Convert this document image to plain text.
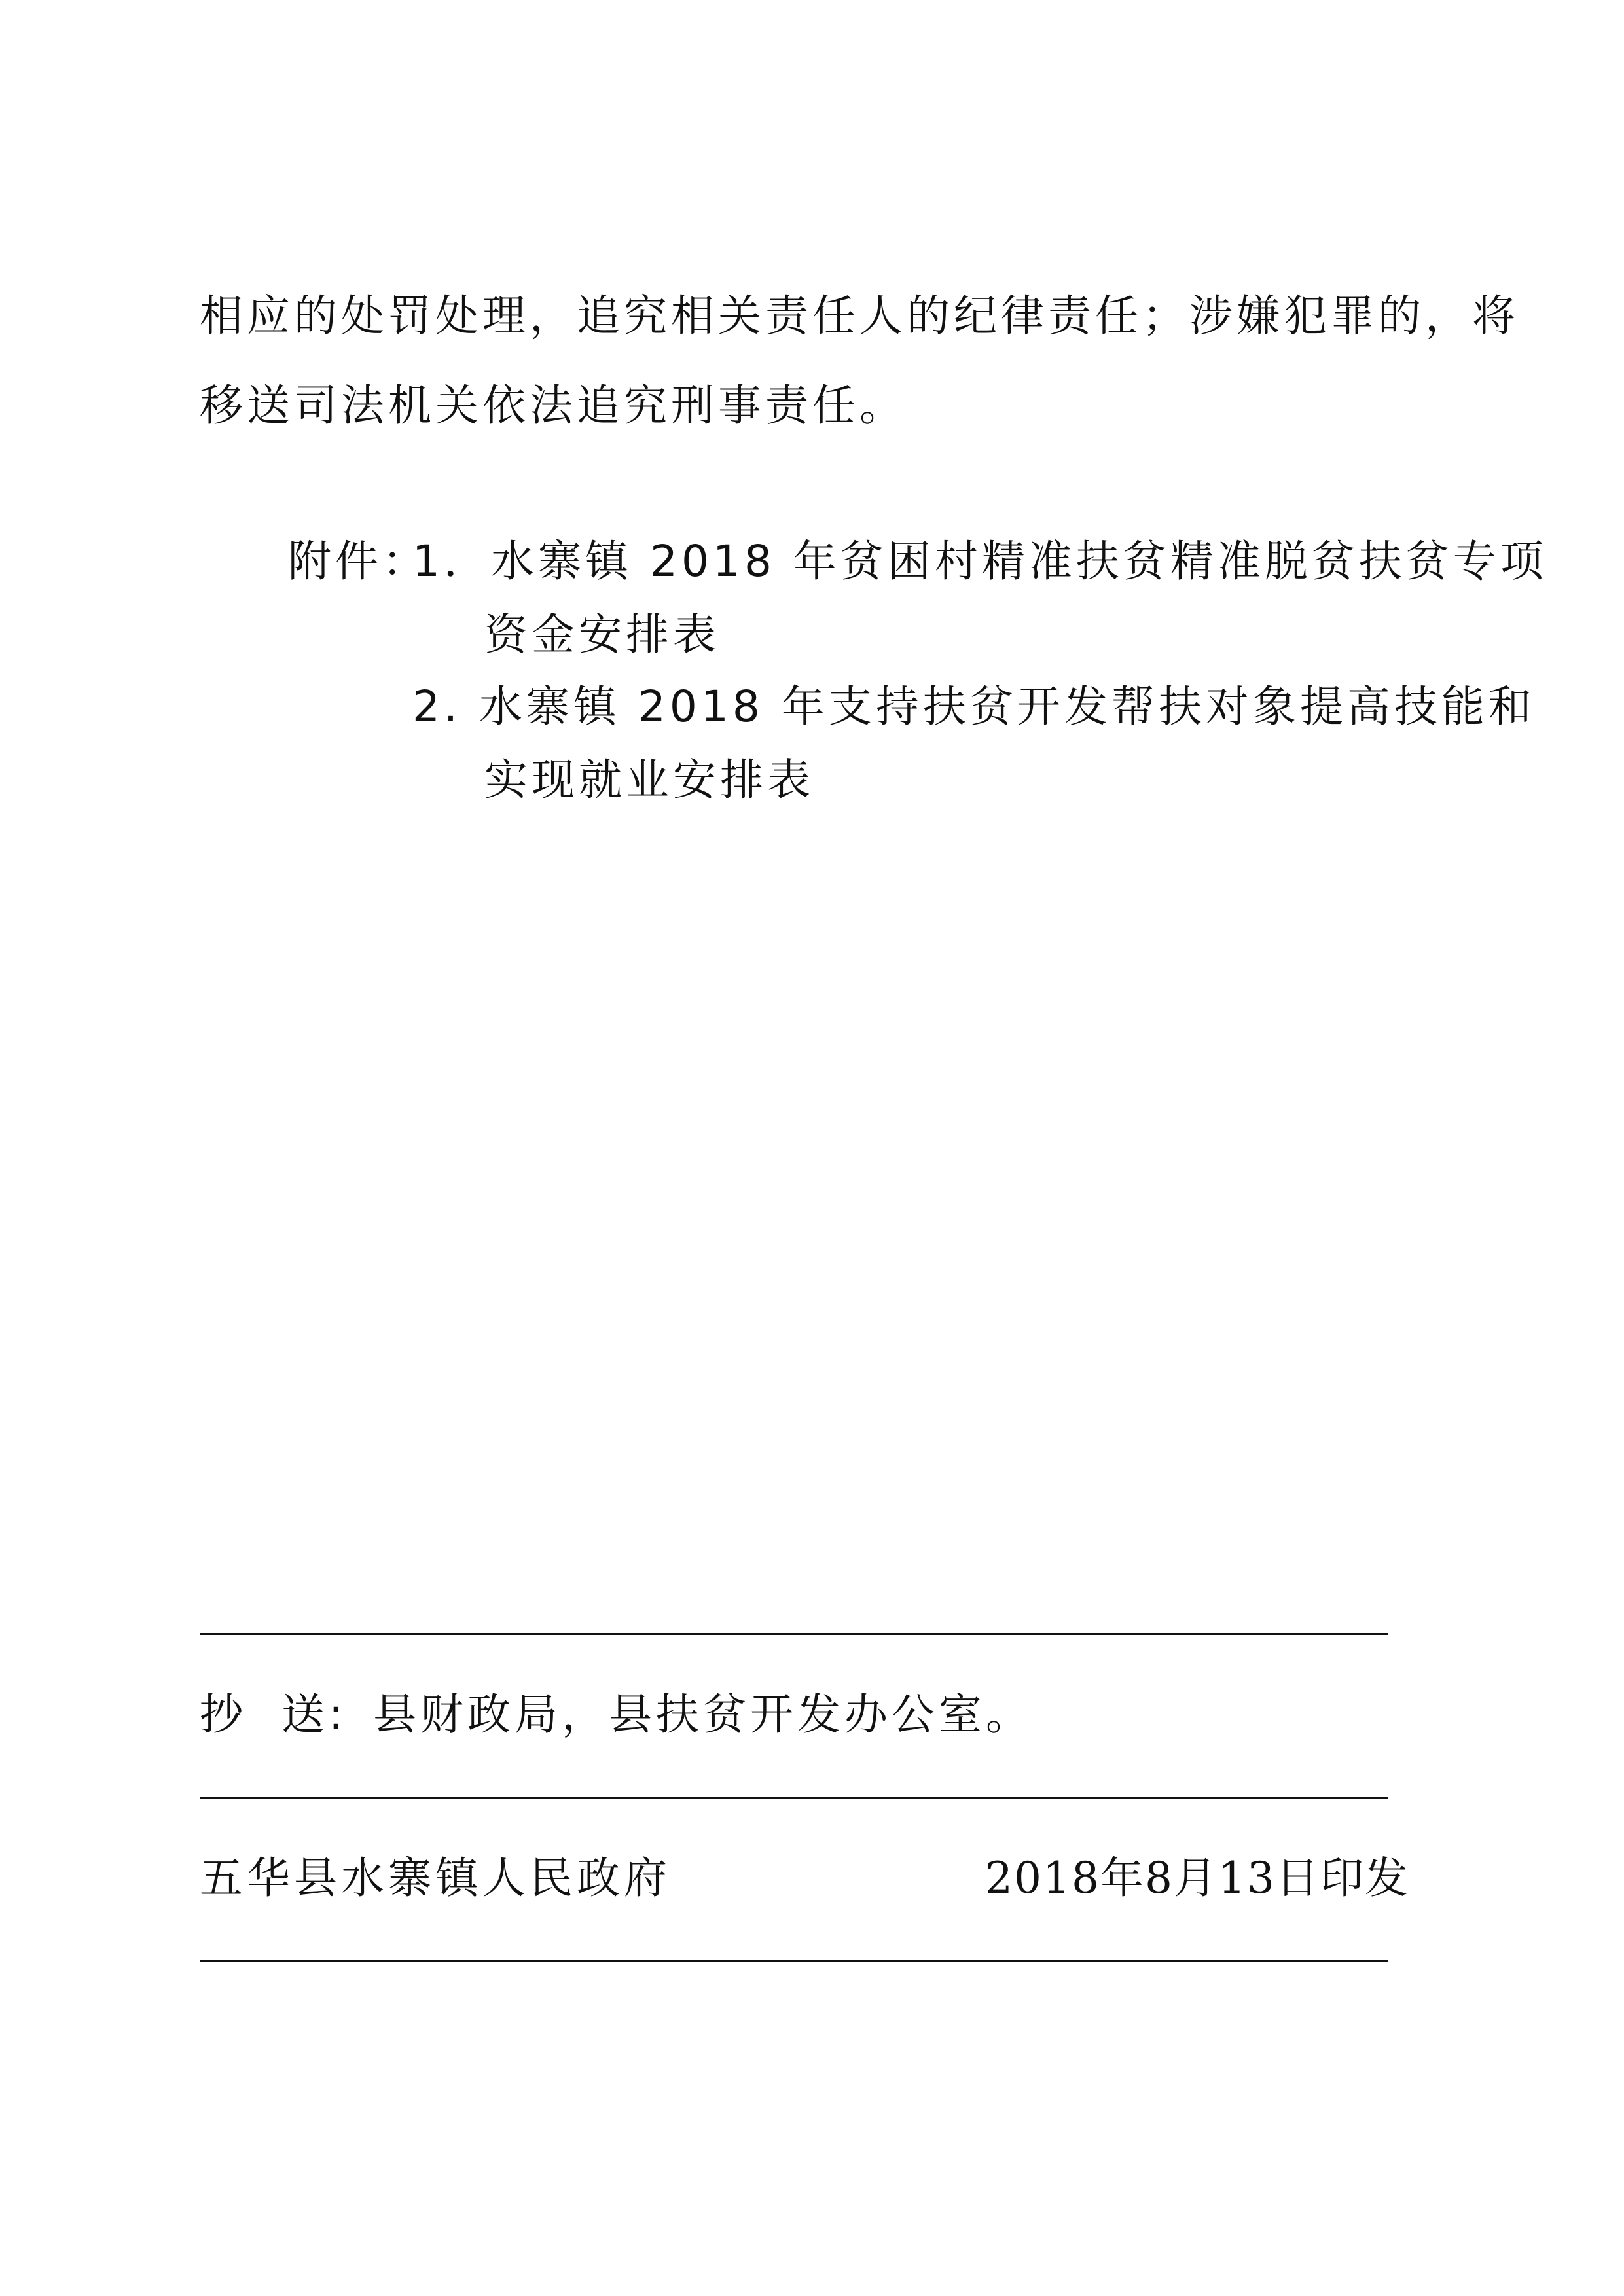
相应的处罚处理，追究相关责任人的纪律责任；涉嫌犯罪的，将
移送司法机关依法追究刑事责任。
附件：
1．水寨镇 2018 年贫困村精准扶贫精准脱贫扶贫专项
资金安排表
2. 水寨镇 2018 年支持扶贫开发帮扶对象提高技能和
实现就业安排表
抄 送: 县财政局，县扶贫开发办公室。
五华县水寨镇人民政府	2018年8月13日印发
